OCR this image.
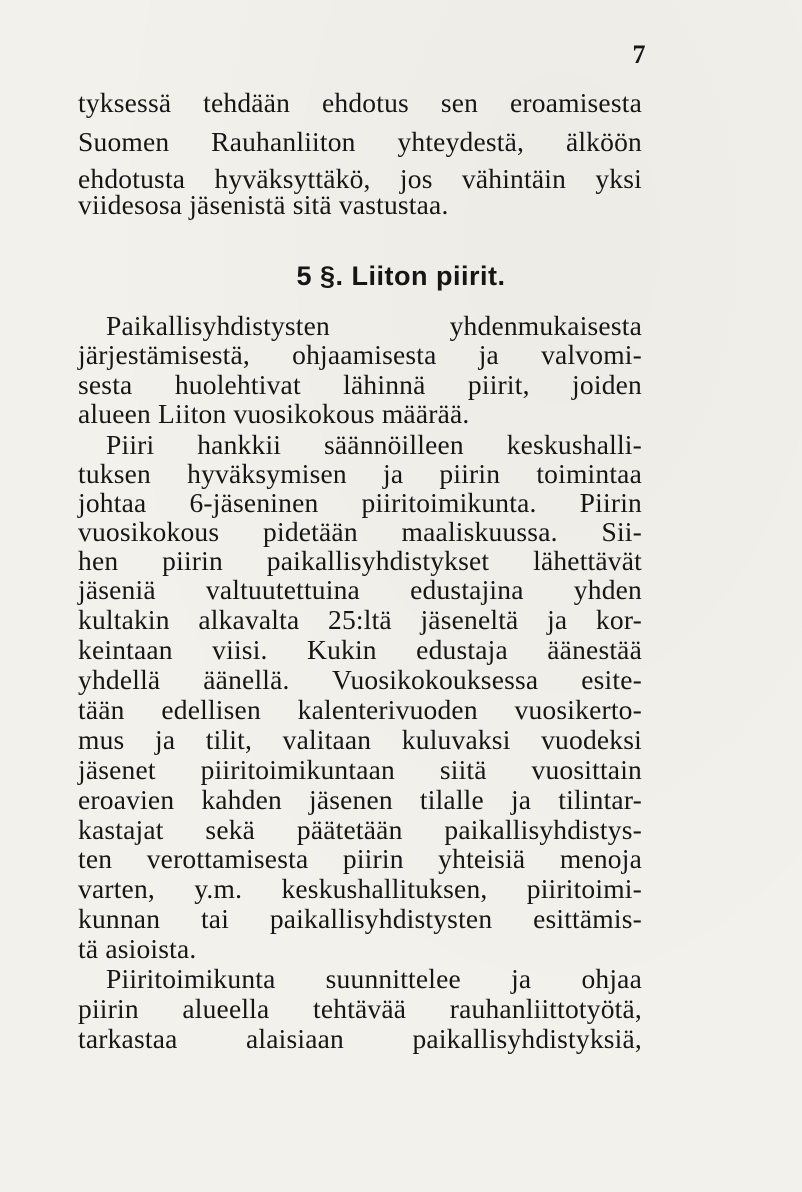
7
tyksessä tehdään ehdotus sen eroamisesta
Suomen Rauhanliiton yhteydestä, älköön
ehdotusta hyväksyttäkö, jos vähintäin yksi
viidesosa jäsenistä sitä vastustaa.
5 §. Liiton piirit.
Paikallisyhdistysten yhdenmukaisesta
järjestämisestä, ohjaamisesta ja valvomi-
sesta huolehtivat lähinnä piirit, joiden
alueen Liiton vuosikokous määrää.
Piiri hankkii säännöilleen keskushalli-
tuksen hyväksymisen ja piirin toimintaa
johtaa 6-jäseninen piiritoimikunta. Piirin
vuosikokous pidetään maaliskuussa. Sii-
hen piirin paikallisyhdistykset lähettävät
jäseniä valtuutettuina edustajina yhden
kultakin alkavalta 25:ltä jäseneltä ja kor-
keintaan viisi. Kukin edustaja äänestää
yhdellä äänellä. Vuosikokouksessa esite-
tään edellisen kalenterivuoden vuosikerto-
mus ja tilit, valitaan kuluvaksi vuodeksi
jäsenet piiritoimikuntaan siitä vuosittain
eroavien kahden jäsenen tilalle ja tilintar-
kastajat sekä päätetään paikallisyhdistys-
ten verottamisesta piirin yhteisiä menoja
varten, y.m. keskushallituksen, piiritoimi-
kunnan tai paikallisyhdistysten esittämis-
tä asioista.
Piiritoimikunta suunnittelee ja ohjaa
piirin alueella tehtävää rauhanliittotyötä,
tarkastaa alaisiaan paikallisyhdistyksiä,
